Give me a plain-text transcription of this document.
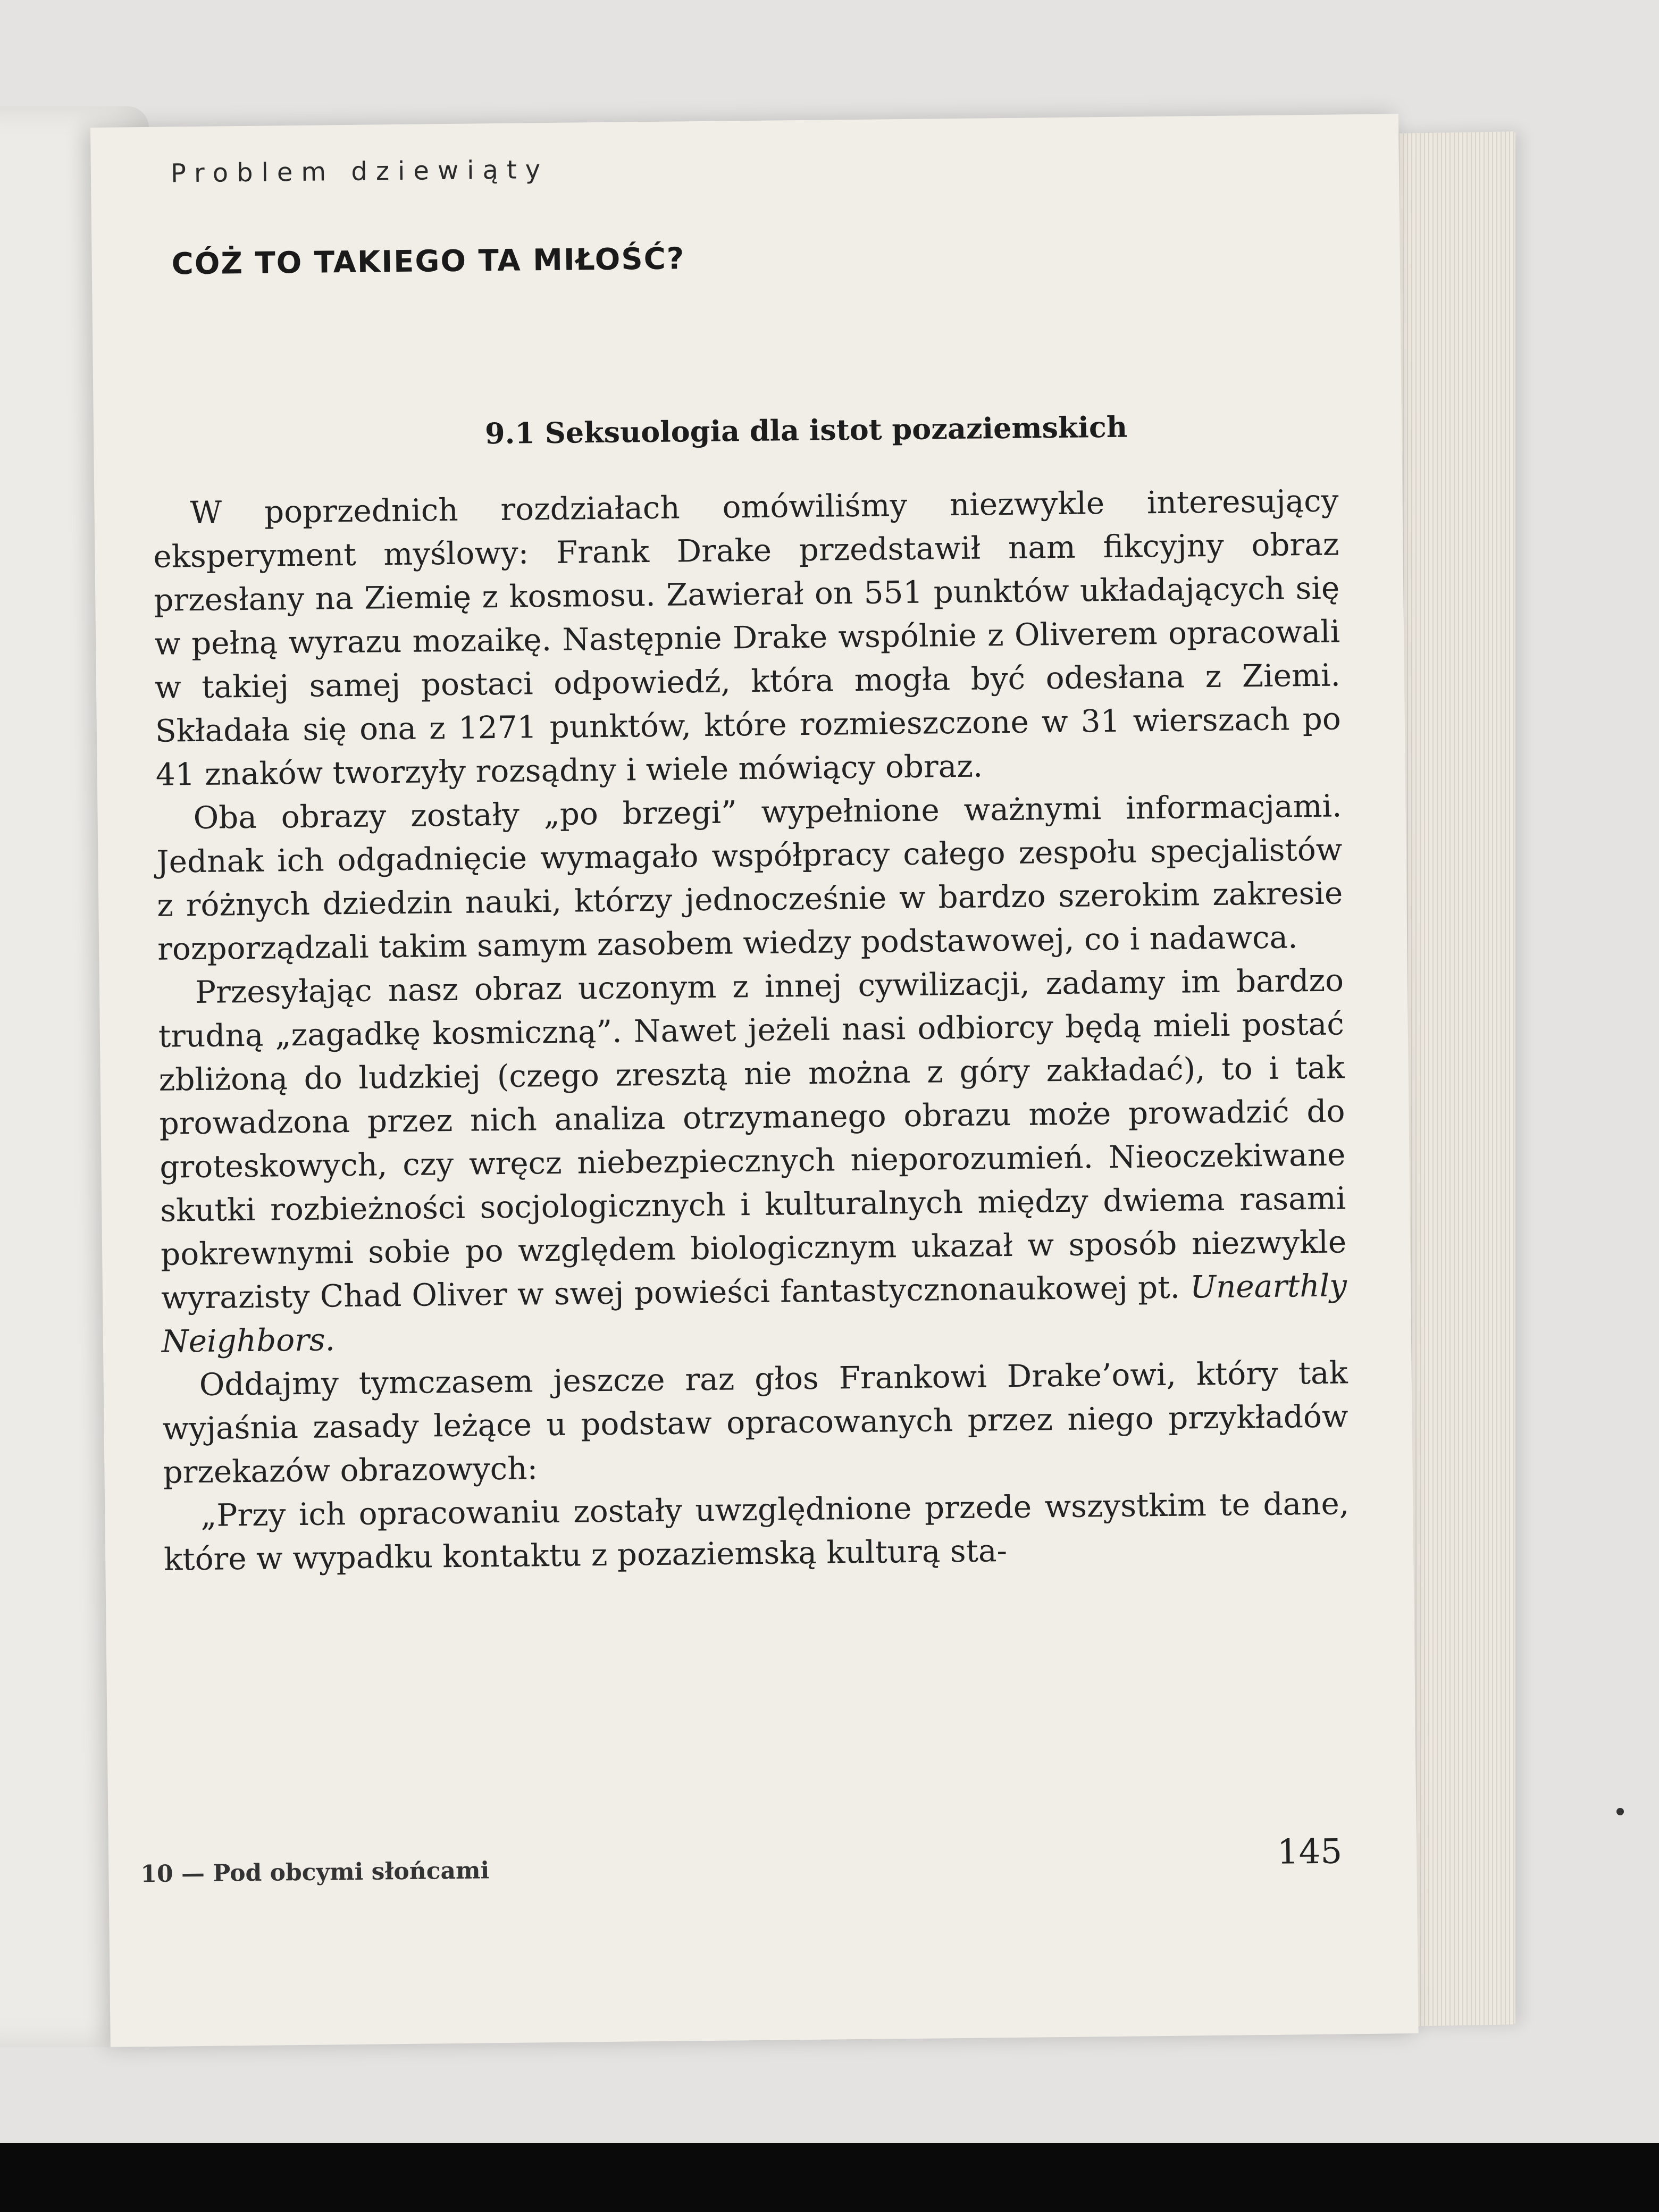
Problem dziewiąty

CÓŻ TO TAKIEGO TA MIŁOŚĆ?
9.1 Seksuologia dla istot pozaziemskich

W poprzednich rozdziałach omówiliśmy niezwykle interesujący eksperyment myślowy: Frank Drake przedstawił nam fikcyjny obraz przesłany na Ziemię z kosmosu. Zawierał on 551 punktów układających się w pełną wyrazu mozaikę. Następnie Drake wspólnie z Oliverem opracowali w takiej samej postaci odpowiedź, która mogła być odesłana z Ziemi. Składała się ona z 1271 punktów, które rozmieszczone w 31 wierszach po 41 znaków tworzyły rozsądny i wiele mówiący obraz.

Oba obrazy zostały „po brzegi” wypełnione ważnymi informacjami. Jednak ich odgadnięcie wymagało współpracy całego zespołu specjalistów z różnych dziedzin nauki, którzy jednocześnie w bardzo szerokim zakresie rozporządzali takim samym zasobem wiedzy podstawowej, co i nadawca.

Przesyłając nasz obraz uczonym z innej cywilizacji, zadamy im bardzo trudną „zagadkę kosmiczną”. Nawet jeżeli nasi odbiorcy będą mieli postać zbliżoną do ludzkiej (czego zresztą nie można z góry zakładać), to i tak prowadzona przez nich analiza otrzymanego obrazu może prowadzić do groteskowych, czy wręcz niebezpiecznych nieporozumień. Nieoczekiwane skutki rozbieżności socjologicznych i kulturalnych między dwiema rasami pokrewnymi sobie po względem biologicznym ukazał w sposób niezwykle wyrazisty Chad Oliver w swej powieści fantastycznonaukowej pt. Unearthly Neighbors.

Oddajmy tymczasem jeszcze raz głos Frankowi Drake’owi, który tak wyjaśnia zasady leżące u podstaw opracowanych przez niego przykładów przekazów obrazowych:

„Przy ich opracowaniu zostały uwzględnione przede wszystkim te dane, które w wypadku kontaktu z pozaziemską kulturą sta-

10 — Pod obcymi słońcami
145
